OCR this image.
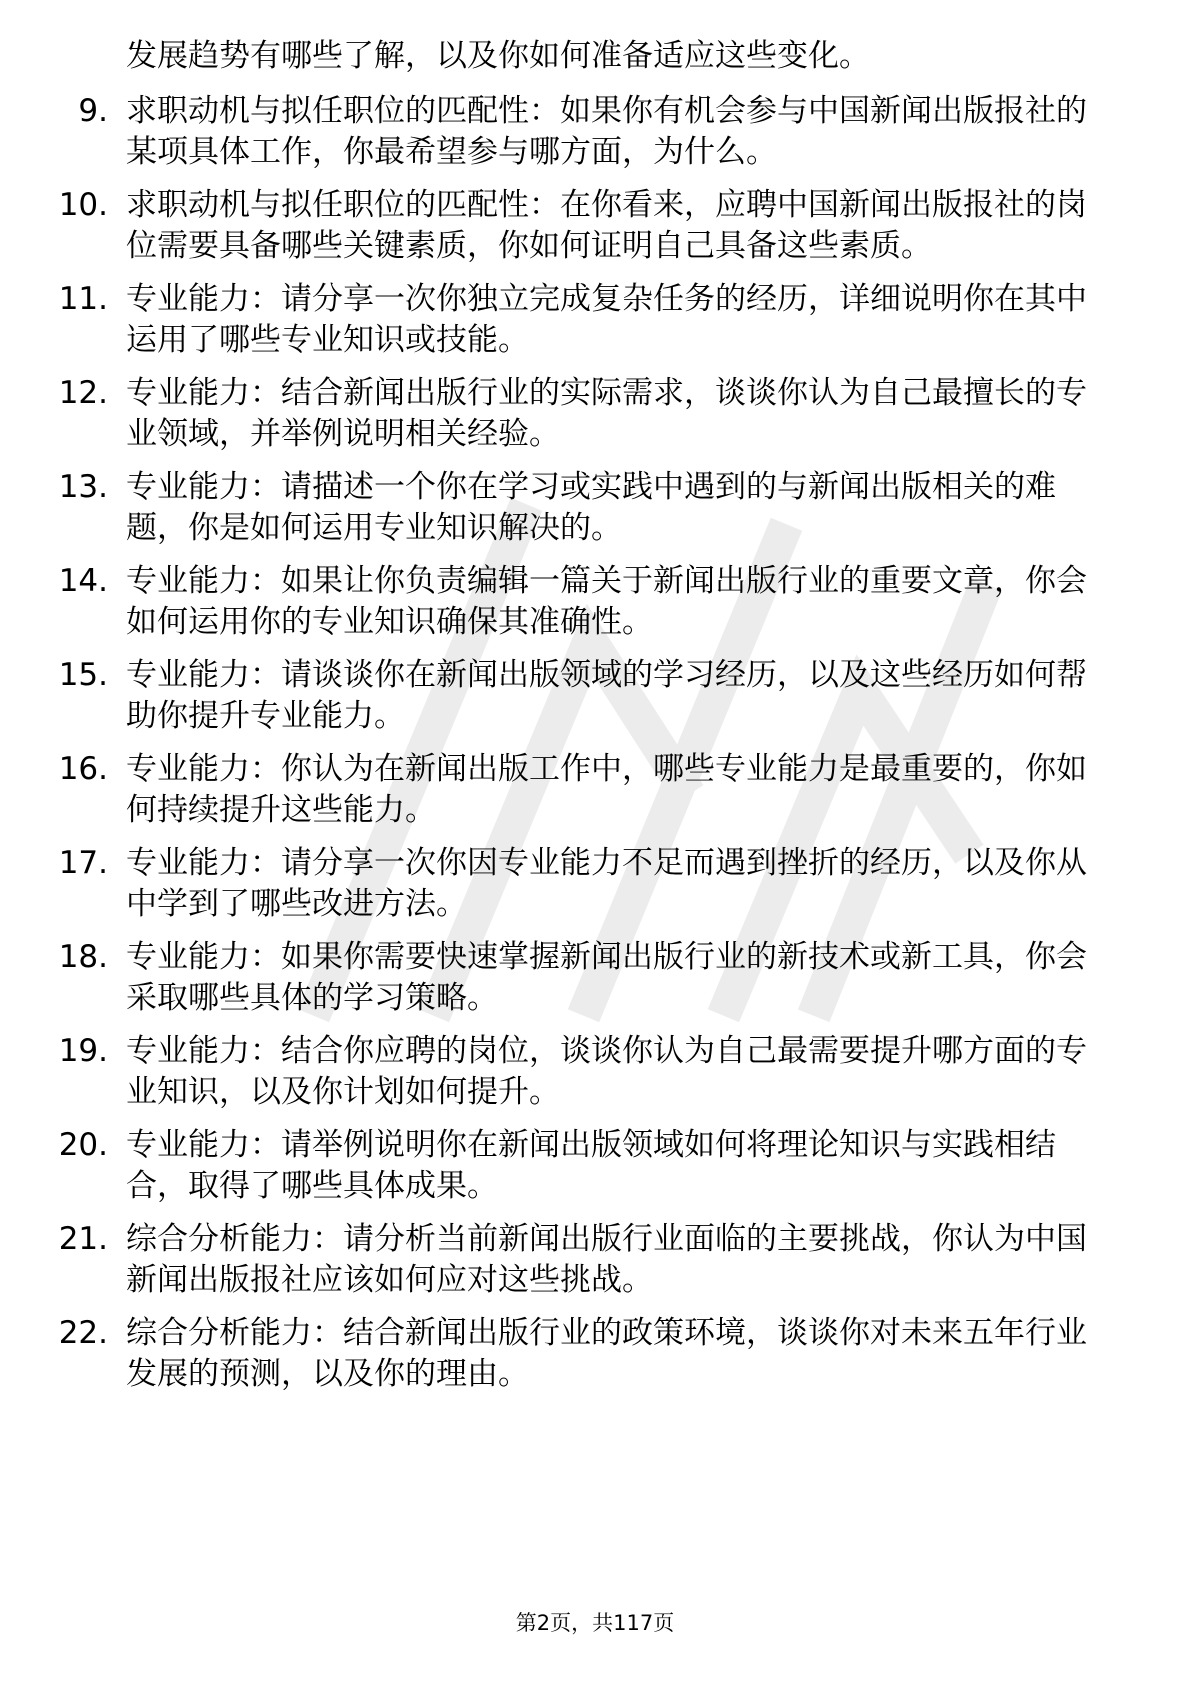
发展趋势有哪些了解，以及你如何准备适应这些变化。
9. 求职动机与拟任职位的匹配性：如果你有机会参与中国新闻出版报社的某项具体工作，你最希望参与哪方面，为什么。
10. 求职动机与拟任职位的匹配性：在你看来，应聘中国新闻出版报社的岗位需要具备哪些关键素质，你如何证明自己具备这些素质。
11. 专业能力：请分享一次你独立完成复杂任务的经历，详细说明你在其中运用了哪些专业知识或技能。
12. 专业能力：结合新闻出版行业的实际需求，谈谈你认为自己最擅长的专业领域，并举例说明相关经验。
13. 专业能力：请描述一个你在学习或实践中遇到的与新闻出版相关的难题，你是如何运用专业知识解决的。
14. 专业能力：如果让你负责编辑一篇关于新闻出版行业的重要文章，你会如何运用你的专业知识确保其准确性。
15. 专业能力：请谈谈你在新闻出版领域的学习经历，以及这些经历如何帮助你提升专业能力。
16. 专业能力：你认为在新闻出版工作中，哪些专业能力是最重要的，你如何持续提升这些能力。
17. 专业能力：请分享一次你因专业能力不足而遇到挫折的经历，以及你从中学到了哪些改进方法。
18. 专业能力：如果你需要快速掌握新闻出版行业的新技术或新工具，你会采取哪些具体的学习策略。
19. 专业能力：结合你应聘的岗位，谈谈你认为自己最需要提升哪方面的专业知识，以及你计划如何提升。
20. 专业能力：请举例说明你在新闻出版领域如何将理论知识与实践相结合，取得了哪些具体成果。
21. 综合分析能力：请分析当前新闻出版行业面临的主要挑战，你认为中国新闻出版报社应该如何应对这些挑战。
22. 综合分析能力：结合新闻出版行业的政策环境，谈谈你对未来五年行业发展的预测，以及你的理由。
第2页，共117页
